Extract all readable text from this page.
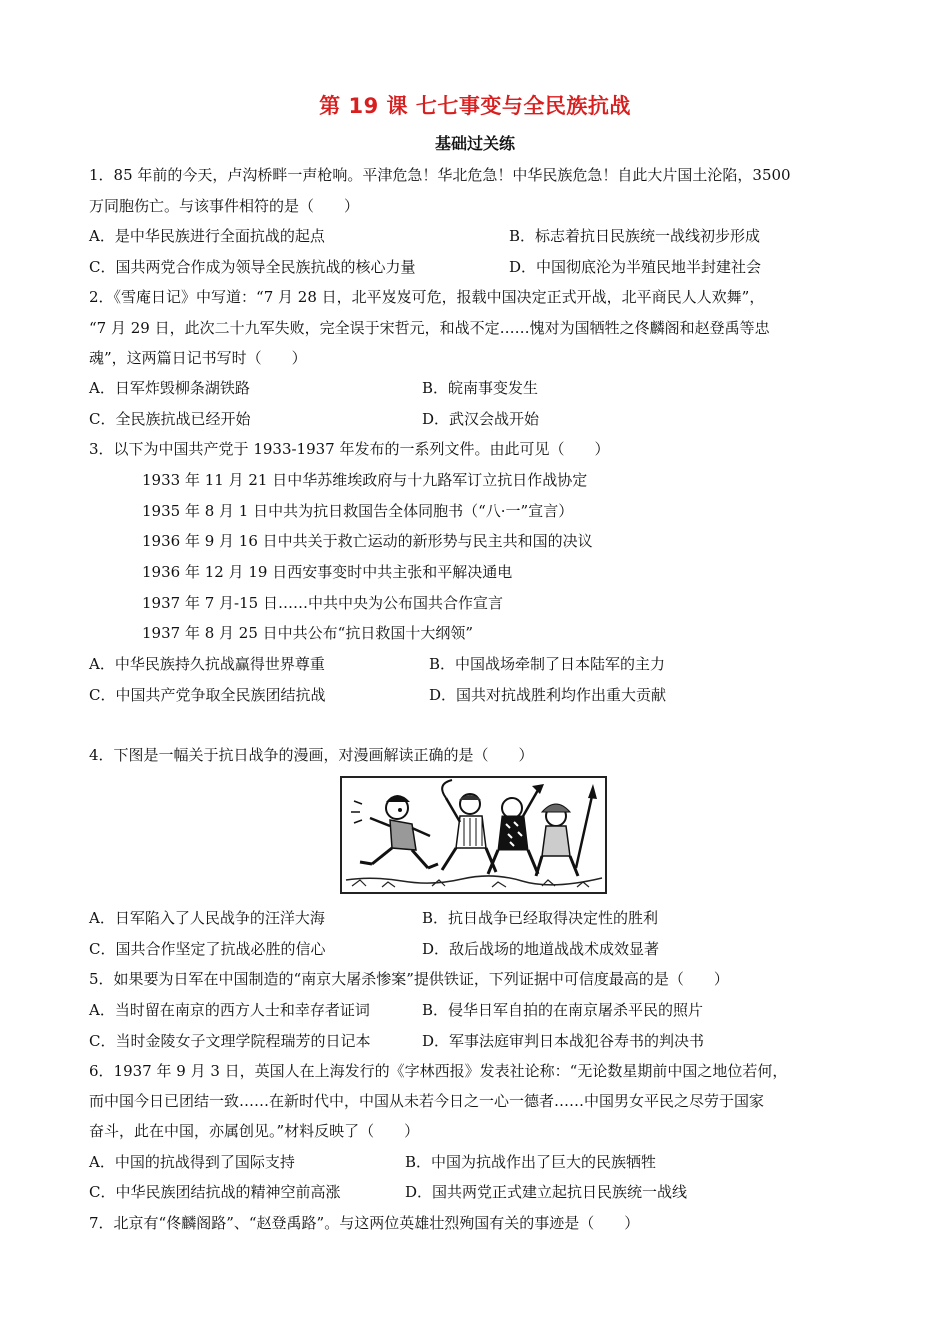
第 19 课 七七事变与全民族抗战
基础过关练
1．85 年前的今天，卢沟桥畔一声枪响。平津危急！华北危急！中华民族危急！自此大片国土沦陷，3500
万同胞伤亡。与该事件相符的是（　　）
A．是中华民族进行全面抗战的起点	B．标志着抗日民族统一战线初步形成
C．国共两党合作成为领导全民族抗战的核心力量	D．中国彻底沦为半殖民地半封建社会
2．《雪庵日记》中写道：“7 月 28 日，北平岌岌可危，报载中国决定正式开战，北平商民人人欢舞”，
“7 月 29 日，此次二十九军失败，完全误于宋哲元，和战不定……愧对为国牺牲之佟麟阁和赵登禹等忠
魂”，这两篇日记书写时（　　）
A．日军炸毁柳条湖铁路	B．皖南事变发生
C．全民族抗战已经开始	D．武汉会战开始
3．以下为中国共产党于 1933-1937 年发布的一系列文件。由此可见（　　）
1933 年 11 月 21 日中华苏维埃政府与十九路军订立抗日作战协定
1935 年 8 月 1 日中共为抗日救国告全体同胞书（“八·一”宣言）
1936 年 9 月 16 日中共关于救亡运动的新形势与民主共和国的决议
1936 年 12 月 19 日西安事变时中共主张和平解决通电
1937 年 7 月-15 日……中共中央为公布国共合作宣言
1937 年 8 月 25 日中共公布“抗日救国十大纲领”
A．中华民族持久抗战赢得世界尊重	B．中国战场牵制了日本陆军的主力
C．中国共产党争取全民族团结抗战	D．国共对抗战胜利均作出重大贡献
4．下图是一幅关于抗日战争的漫画，对漫画解读正确的是（　　）
A．日军陷入了人民战争的汪洋大海	B．抗日战争已经取得决定性的胜利
C．国共合作坚定了抗战必胜的信心	D．敌后战场的地道战战术成效显著
5．如果要为日军在中国制造的“南京大屠杀惨案”提供铁证，下列证据中可信度最高的是（　　）
A．当时留在南京的西方人士和幸存者证词	B．侵华日军自拍的在南京屠杀平民的照片
C．当时金陵女子文理学院程瑞芳的日记本	D．军事法庭审判日本战犯谷寿书的判决书
6．1937 年 9 月 3 日，英国人在上海发行的《字林西报》发表社论称：“无论数星期前中国之地位若何，
而中国今日已团结一致……在新时代中，中国从未若今日之一心一德者……中国男女平民之尽劳于国家
奋斗，此在中国，亦属创见。”材料反映了（　　）
A．中国的抗战得到了国际支持	B．中国为抗战作出了巨大的民族牺牲
C．中华民族团结抗战的精神空前高涨	D．国共两党正式建立起抗日民族统一战线
7．北京有“佟麟阁路”、“赵登禹路”。与这两位英雄壮烈殉国有关的事迹是（　　）
